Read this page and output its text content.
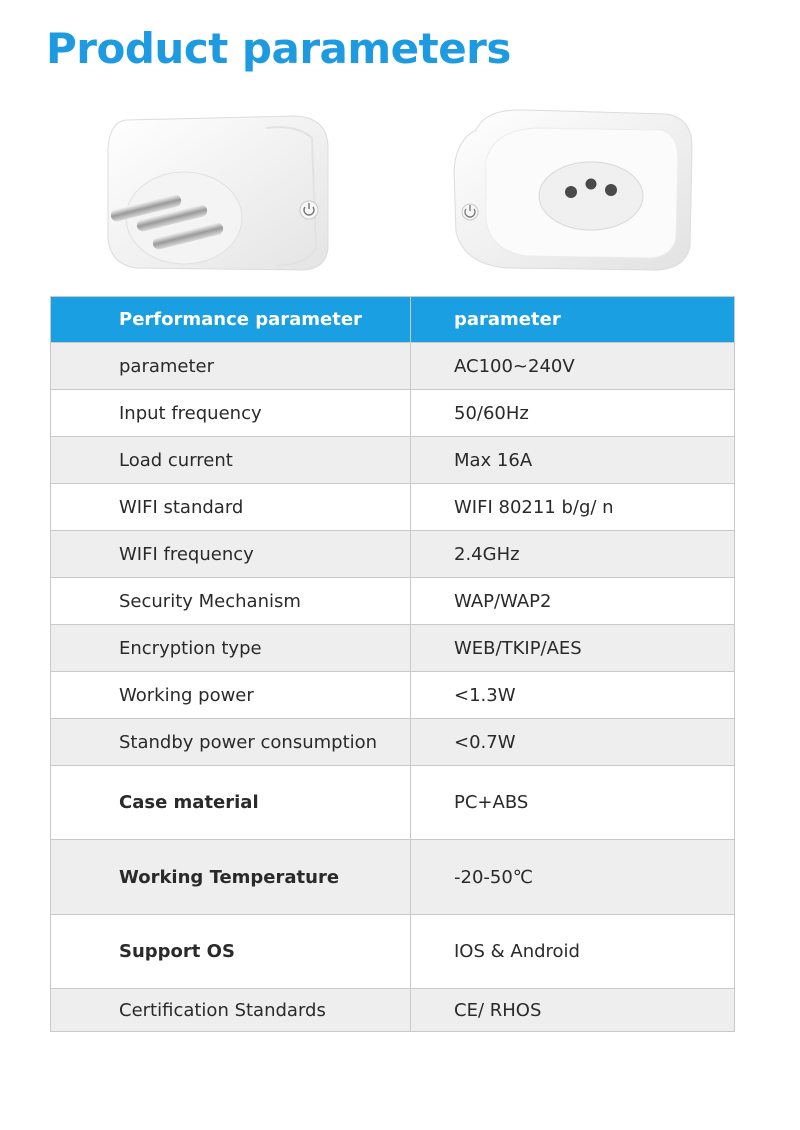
Product parameters
Performance parameter	parameter
parameter	AC100~240V
Input frequency	50/60Hz
Load current	Max 16A
WIFI standard	WIFI 80211 b/g/ n
WIFI frequency	2.4GHz
Security Mechanism	WAP/WAP2
Encryption type	WEB/TKIP/AES
Working power	<1.3W
Standby power consumption	<0.7W
Case material	PC+ABS
Working Temperature	-20-50℃
Support OS	IOS & Android
Certification Standards	CE/ RHOS
